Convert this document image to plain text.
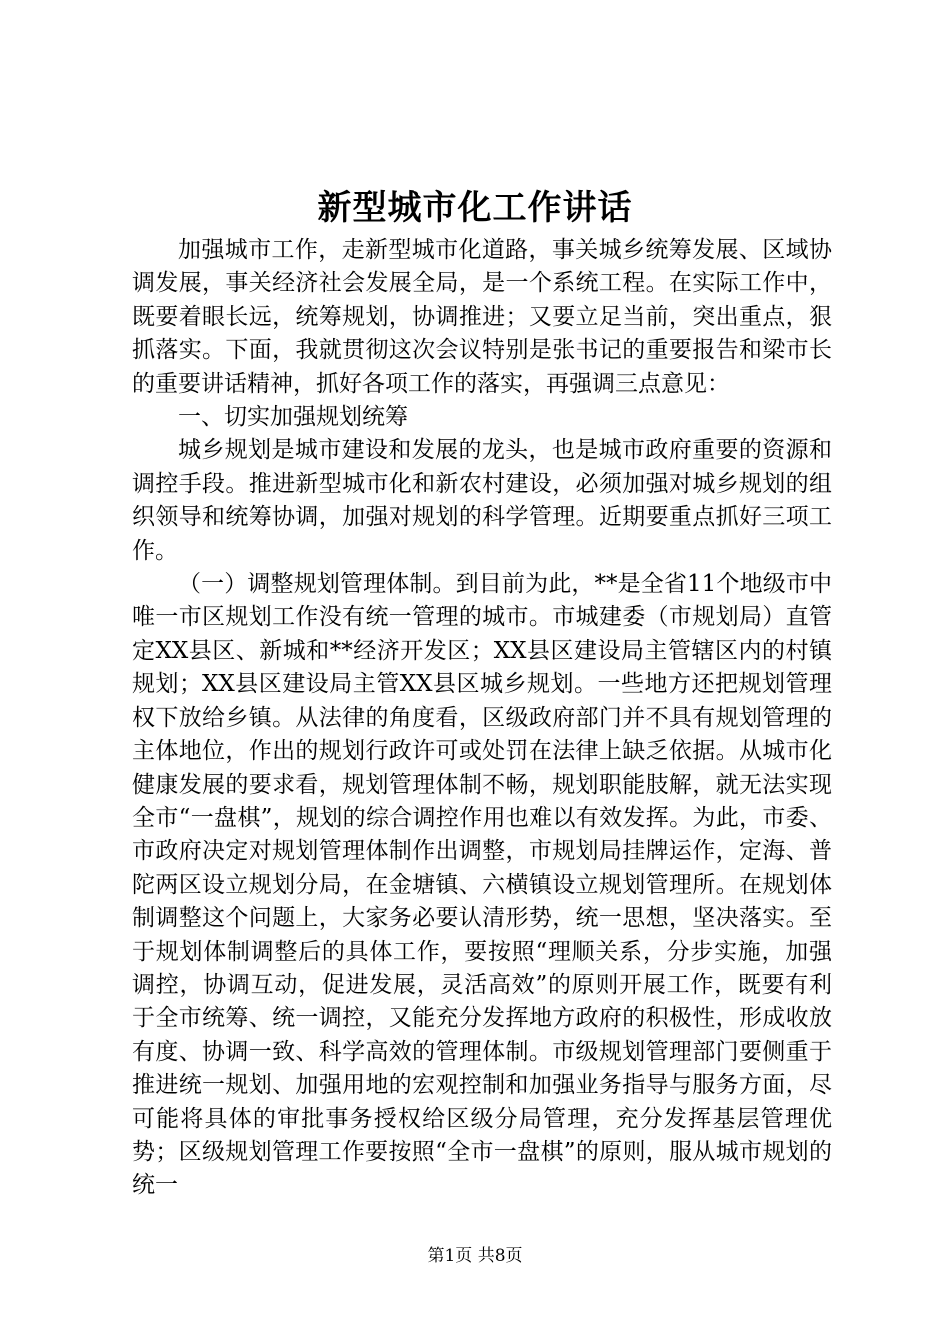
新型城市化工作讲话

加强城市工作，走新型城市化道路，事关城乡统筹发展、区域协调发展，事关经济社会发展全局，是一个系统工程。在实际工作中，既要着眼长远，统筹规划，协调推进；又要立足当前，突出重点，狠抓落实。下面，我就贯彻这次会议特别是张书记的重要报告和梁市长的重要讲话精神，抓好各项工作的落实，再强调三点意见：

一、切实加强规划统筹

城乡规划是城市建设和发展的龙头，也是城市政府重要的资源和调控手段。推进新型城市化和新农村建设，必须加强对城乡规划的组织领导和统筹协调，加强对规划的科学管理。近期要重点抓好三项工作。

（一）调整规划管理体制。到目前为此，**是全省11个地级市中唯一市区规划工作没有统一管理的城市。市城建委（市规划局）直管定XX县区、新城和**经济开发区；XX县区建设局主管辖区内的村镇规划；XX县区建设局主管XX县区城乡规划。一些地方还把规划管理权下放给乡镇。从法律的角度看，区级政府部门并不具有规划管理的主体地位，作出的规划行政许可或处罚在法律上缺乏依据。从城市化健康发展的要求看，规划管理体制不畅，规划职能肢解，就无法实现全市“一盘棋”，规划的综合调控作用也难以有效发挥。为此，市委、市政府决定对规划管理体制作出调整，市规划局挂牌运作，定海、普陀两区设立规划分局，在金塘镇、六横镇设立规划管理所。在规划体制调整这个问题上，大家务必要认清形势，统一思想，坚决落实。至于规划体制调整后的具体工作，要按照“理顺关系，分步实施，加强调控，协调互动，促进发展，灵活高效”的原则开展工作，既要有利于全市统筹、统一调控，又能充分发挥地方政府的积极性，形成收放有度、协调一致、科学高效的管理体制。市级规划管理部门要侧重于推进统一规划、加强用地的宏观控制和加强业务指导与服务方面，尽可能将具体的审批事务授权给区级分局管理，充分发挥基层管理优势；区级规划管理工作要按照“全市一盘棋”的原则，服从城市规划的统一

第1页 共8页
